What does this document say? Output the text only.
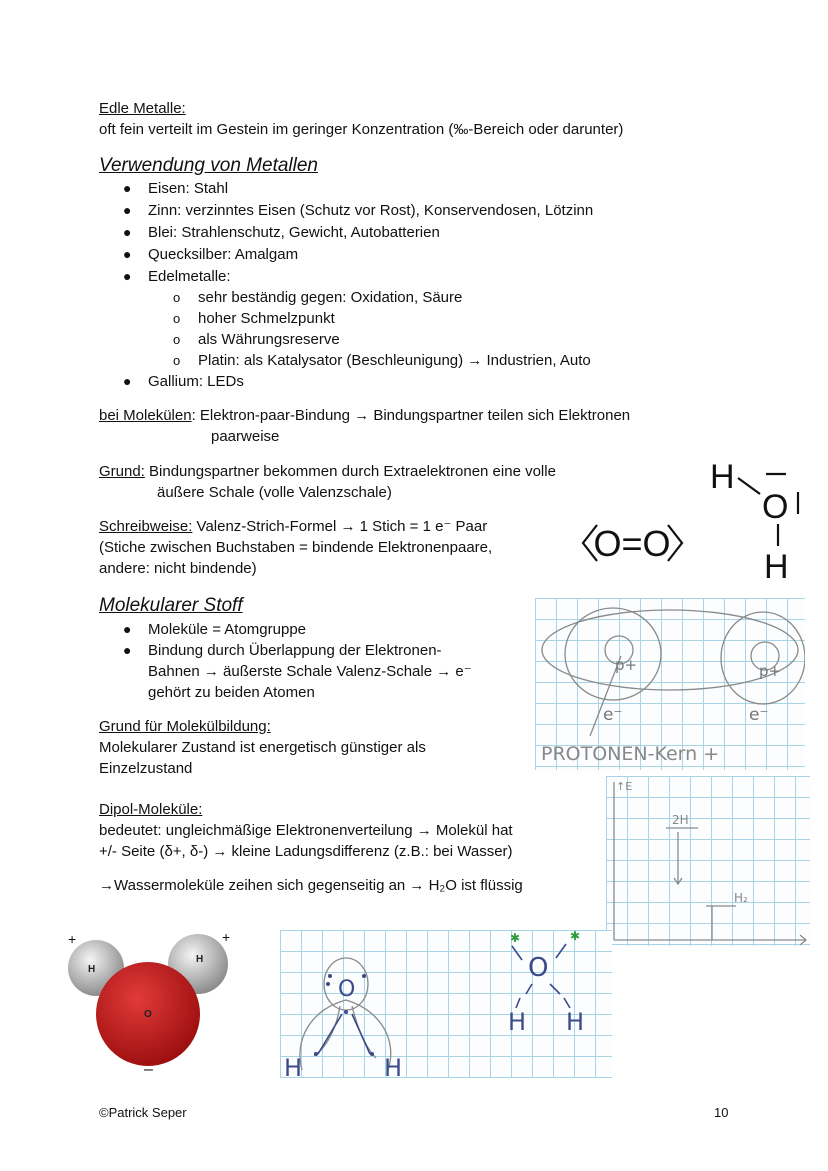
Edle Metalle:
oft fein verteilt im Gestein im geringer Konzentration (‰-Bereich oder darunter)
Verwendung von Metallen
● Eisen: Stahl
● Zinn: verzinntes Eisen (Schutz vor Rost), Konservendosen, Lötzinn
● Blei: Strahlenschutz, Gewicht, Autobatterien
● Quecksilber: Amalgam
● Edelmetalle:
o sehr beständig gegen: Oxidation, Säure
o hoher Schmelzpunkt
o als Währungsreserve
o Platin: als Katalysator (Beschleunigung) → Industrien, Auto
● Gallium: LEDs
bei Molekülen: Elektron-paar-Bindung → Bindungspartner teilen sich Elektronen
paarweise
Grund: Bindungspartner bekommen durch Extraelektronen eine volle
äußere Schale (volle Valenzschale)
Schreibweise: Valenz-Strich-Formel → 1 Stich = 1 e⁻ Paar
(Stiche zwischen Buchstaben = bindende Elektronenpaare,
andere: nicht bindende)
O=O
H
O
H
Molekularer Stoff
● Moleküle = Atomgruppe
● Bindung durch Überlappung der Elektronen-
Bahnen → äußerste Schale Valenz-Schale → e⁻
gehört zu beiden Atomen
Grund für Molekülbildung:
Molekularer Zustand ist energetisch günstiger als
Einzelzustand
Dipol-Moleküle:
bedeutet: ungleichmäßige Elektronenverteilung → Molekül hat
+/- Seite (δ+, δ-) → kleine Ladungsdifferenz (z.B.: bei Wasser)
→Wassermoleküle zeihen sich gegenseitig an → H₂O ist flüssig
p+	p+
e⁻	e⁻
PROTONEN-Kern +
↑E
2H
H₂
+	+
H
H
O
–
O
H	H
✱	✱
O
H H
©Patrick Seper	10
